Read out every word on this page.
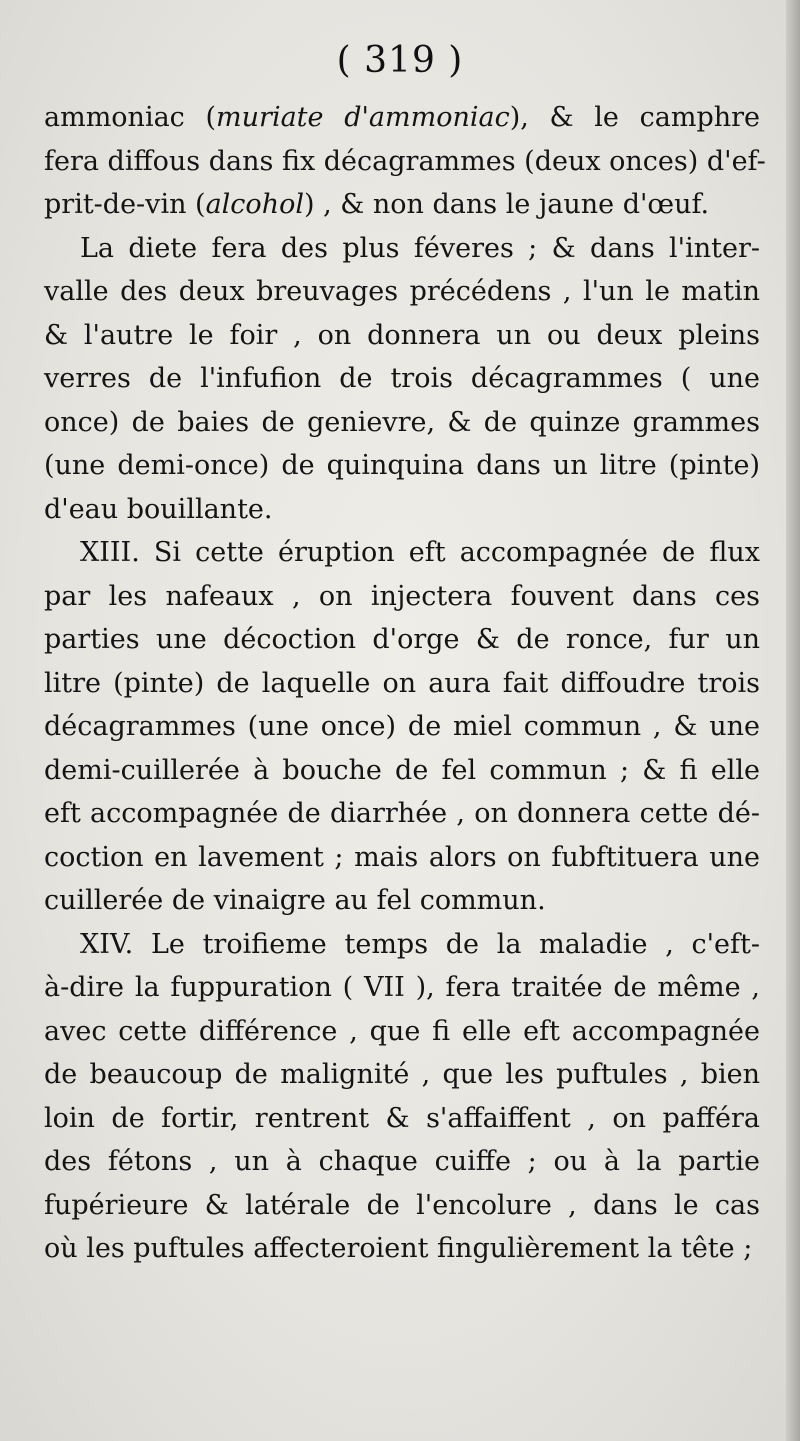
( 319 )
ammoniac (muriate d'ammoniac), & le camphre
fera diffous dans fix décagrammes (deux onces) d'ef-
prit-de-vin (alcohol) , & non dans le jaune d'œuf.
La diete fera des plus féveres ; & dans l'inter-
valle des deux breuvages précédens , l'un le matin
& l'autre le foir , on donnera un ou deux pleins
verres de l'infufion de trois décagrammes ( une
once) de baies de genievre, & de quinze grammes
(une demi-once) de quinquina dans un litre (pinte)
d'eau bouillante.
XIII. Si cette éruption eft accompagnée de flux
par les nafeaux , on injectera fouvent dans ces
parties une décoction d'orge & de ronce, fur un
litre (pinte) de laquelle on aura fait diffoudre trois
décagrammes (une once) de miel commun , & une
demi-cuillerée à bouche de fel commun ; & fi elle
eft accompagnée de diarrhée , on donnera cette dé-
coction en lavement ; mais alors on fubftituera une
cuillerée de vinaigre au fel commun.
XIV. Le troifieme temps de la maladie , c'eft-
à-dire la fuppuration ( VII ), fera traitée de même ,
avec cette différence , que fi elle eft accompagnée
de beaucoup de malignité , que les puftules , bien
loin de fortir, rentrent & s'affaiffent , on pafféra
des fétons , un à chaque cuiffe ; ou à la partie
fupérieure & latérale de l'encolure , dans le cas
où les puftules affecteroient fingulièrement la tête ;
